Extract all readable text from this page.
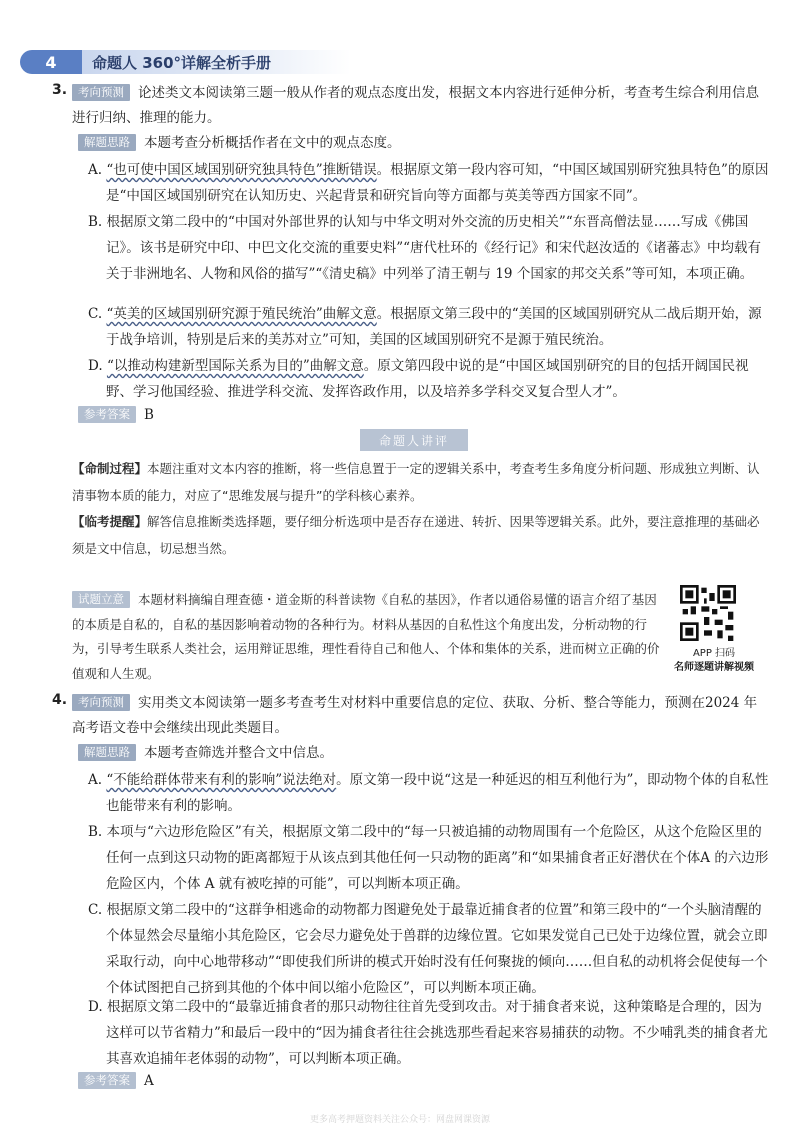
4	命题人 360°详解全析手册
3. 考向预测 论述类文本阅读第三题一般从作者的观点态度出发，根据文本内容进行延伸分析，考查考生综合利用信息进行归纳、推理的能力。
解题思路 本题考查分析概括作者在文中的观点态度。
A. “也可使中国区域国别研究独具特色”推断错误。根据原文第一段内容可知，“中国区域国别研究独具特色”的原因是“中国区域国别研究在认知历史、兴起背景和研究旨向等方面都与英美等西方国家不同”。
B. 根据原文第二段中的“中国对外部世界的认知与中华文明对外交流的历史相关”“东晋高僧法显……写成《佛国记》。该书是研究中印、中巴文化交流的重要史料”“唐代杜环的《经行记》和宋代赵汝适的《诸蕃志》中均载有关于非洲地名、人物和风俗的描写”“《清史稿》中列举了清王朝与 19 个国家的邦交关系”等可知，本项正确。
C. “英美的区域国别研究源于殖民统治”曲解文意。根据原文第三段中的“美国的区域国别研究从二战后期开始，源于战争培训，特别是后来的美苏对立”可知，美国的区域国别研究不是源于殖民统治。
D. “以推动构建新型国际关系为目的”曲解文意。原文第四段中说的是“中国区域国别研究的目的包括开阔国民视野、学习他国经验、推进学科交流、发挥咨政作用，以及培养多学科交叉复合型人才”。
参考答案 B
命题人讲评
【命制过程】本题注重对文本内容的推断，将一些信息置于一定的逻辑关系中，考查考生多角度分析问题、形成独立判断、认清事物本质的能力，对应了“思维发展与提升”的学科核心素养。
【临考提醒】解答信息推断类选择题，要仔细分析选项中是否存在递进、转折、因果等逻辑关系。此外，要注意推理的基础必须是文中信息，切忌想当然。
试题立意 本题材料摘编自理查德・道金斯的科普读物《自私的基因》，作者以通俗易懂的语言介绍了基因的本质是自私的，自私的基因影响着动物的各种行为。材料从基因的自私性这个角度出发，分析动物的行为，引导考生联系人类社会，运用辩证思维，理性看待自己和他人、个体和集体的关系，进而树立正确的价值观和人生观。
APP 扫码
名师逐题讲解视频
4. 考向预测 实用类文本阅读第一题多考查考生对材料中重要信息的定位、获取、分析、整合等能力，预测在2024 年高考语文卷中会继续出现此类题目。
解题思路 本题考查筛选并整合文中信息。
A. “不能给群体带来有利的影响”说法绝对。原文第一段中说“这是一种延迟的相互利他行为”，即动物个体的自私性也能带来有利的影响。
B. 本项与“六边形危险区”有关，根据原文第二段中的“每一只被追捕的动物周围有一个危险区，从这个危险区里的任何一点到这只动物的距离都短于从该点到其他任何一只动物的距离”和“如果捕食者正好潜伏在个体A 的六边形危险区内，个体 A 就有被吃掉的可能”，可以判断本项正确。
C. 根据原文第二段中的“这群争相逃命的动物都力图避免处于最靠近捕食者的位置”和第三段中的“一个头脑清醒的个体显然会尽量缩小其危险区，它会尽力避免处于兽群的边缘位置。它如果发觉自己已处于边缘位置，就会立即采取行动，向中心地带移动”“即使我们所讲的模式开始时没有任何聚拢的倾向……但自私的动机将会促使每一个个体试图把自己挤到其他的个体中间以缩小危险区”，可以判断本项正确。
D. 根据原文第二段中的“最靠近捕食者的那只动物往往首先受到攻击。对于捕食者来说，这种策略是合理的，因为这样可以节省精力”和最后一段中的“因为捕食者往往会挑选那些看起来容易捕获的动物。不少哺乳类的捕食者尤其喜欢追捕年老体弱的动物”，可以判断本项正确。
参考答案 A
更多高考押题资料关注公众号：网盘网课资源
